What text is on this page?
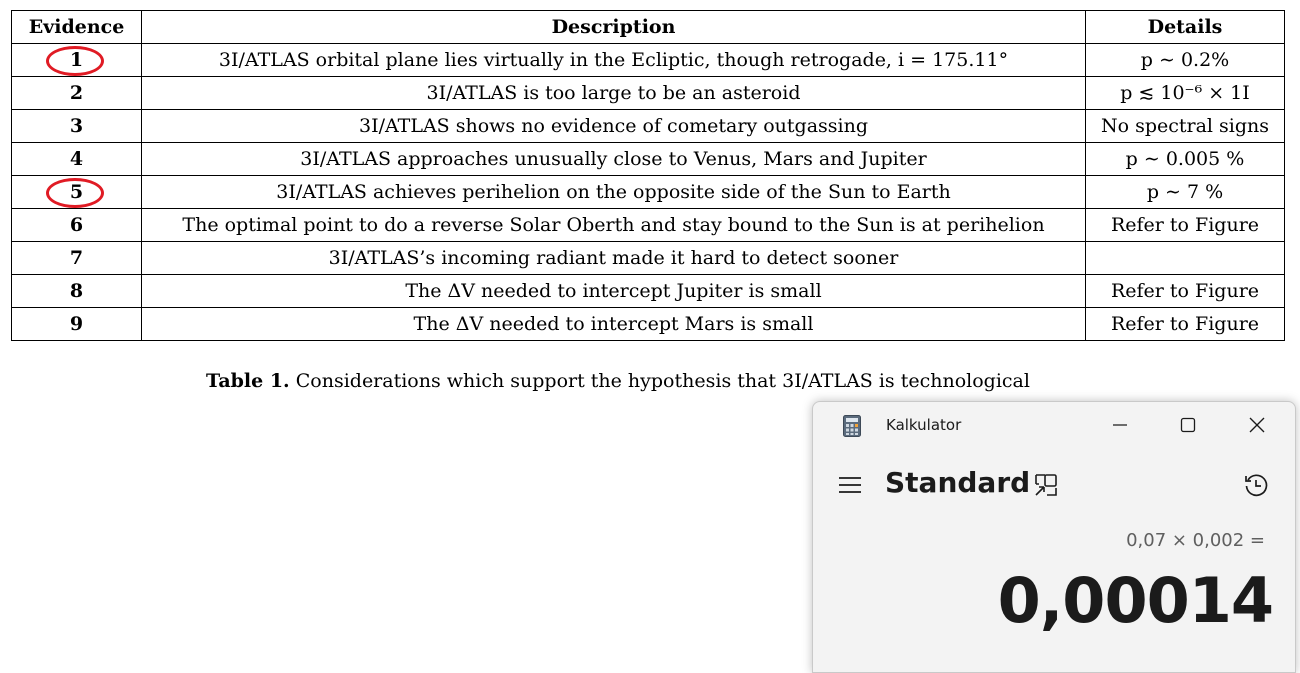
Evidence	Description	Details
1	3I/ATLAS orbital plane lies virtually in the Ecliptic, though retrogade, i = 175.11°	p ∼ 0.2%
2	3I/ATLAS is too large to be an asteroid	p ≲ 10⁻⁶ × 1I
3	3I/ATLAS shows no evidence of cometary outgassing	No spectral signs
4	3I/ATLAS approaches unusually close to Venus, Mars and Jupiter	p ∼ 0.005 %
5	3I/ATLAS achieves perihelion on the opposite side of the Sun to Earth	p ∼ 7 %
6	The optimal point to do a reverse Solar Oberth and stay bound to the Sun is at perihelion	Refer to Figure
7	3I/ATLAS’s incoming radiant made it hard to detect sooner	
8	The ΔV needed to intercept Jupiter is small	Refer to Figure
9	The ΔV needed to intercept Mars is small	Refer to Figure
Table 1. Considerations which support the hypothesis that 3I/ATLAS is technological
Kalkulator
Standard
0,07 × 0,002 =
0,00014
